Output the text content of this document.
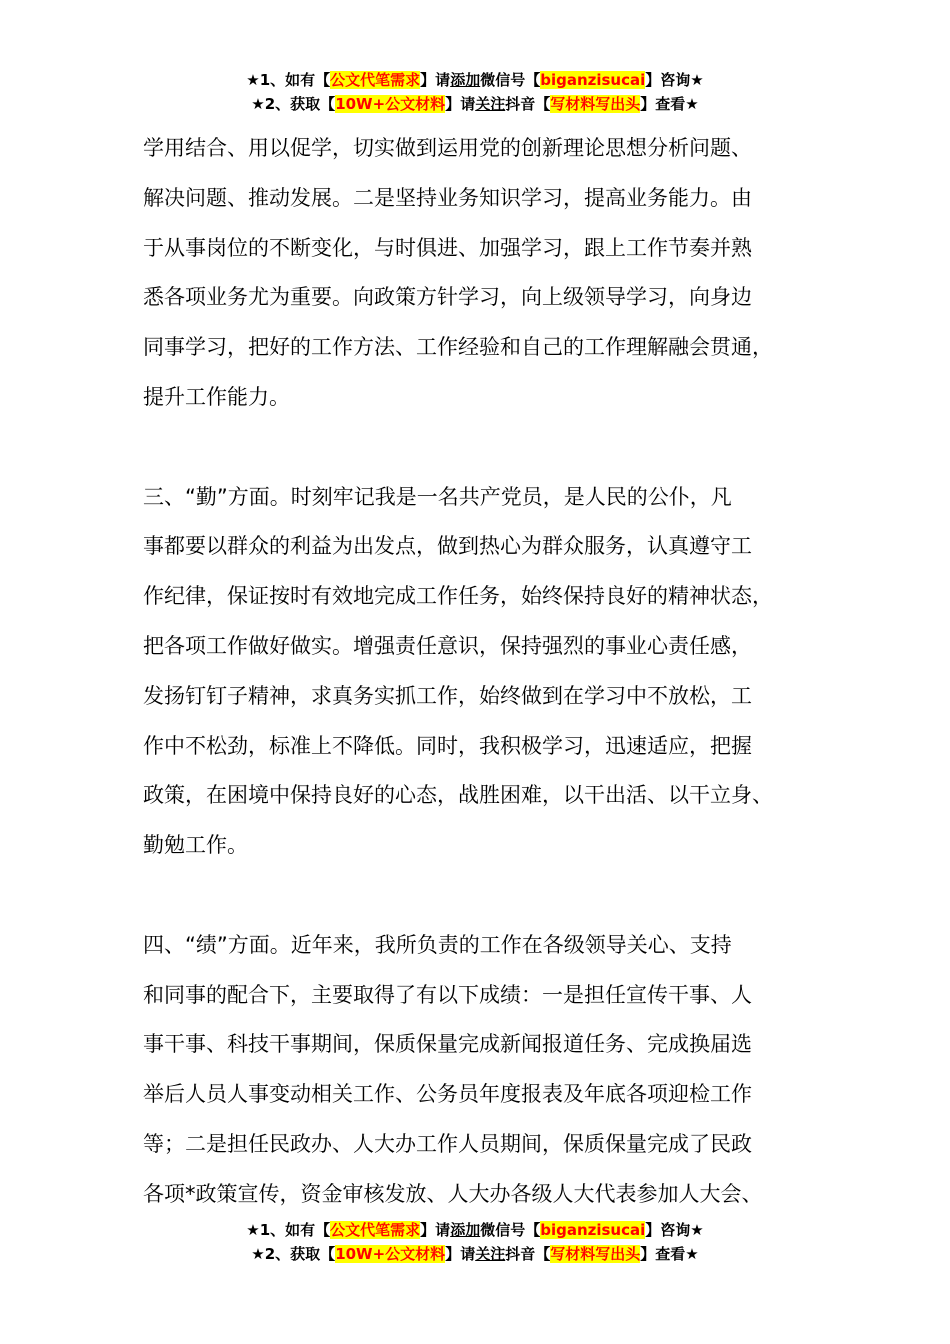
★1、如有【公文代笔需求】请添加微信号【biganzisucai】咨询★
★2、获取【10W+公文材料】请关注抖音【写材料写出头】查看★

学用结合、用以促学，切实做到运用党的创新理论思想分析问题、

解决问题、推动发展。二是坚持业务知识学习，提高业务能力。由

于从事岗位的不断变化，与时俱进、加强学习，跟上工作节奏并熟

悉各项业务尤为重要。向政策方针学习，向上级领导学习，向身边

同事学习，把好的工作方法、工作经验和自己的工作理解融会贯通，

提升工作能力。

三、“勤”方面。时刻牢记我是一名共产党员，是人民的公仆，凡

事都要以群众的利益为出发点，做到热心为群众服务，认真遵守工

作纪律，保证按时有效地完成工作任务，始终保持良好的精神状态，

把各项工作做好做实。增强责任意识，保持强烈的事业心责任感，

发扬钉钉子精神，求真务实抓工作，始终做到在学习中不放松，工

作中不松劲，标准上不降低。同时，我积极学习，迅速适应，把握

政策，在困境中保持良好的心态，战胜困难，以干出活、以干立身、

勤勉工作。

四、“绩”方面。近年来，我所负责的工作在各级领导关心、支持

和同事的配合下，主要取得了有以下成绩：一是担任宣传干事、人

事干事、科技干事期间，保质保量完成新闻报道任务、完成换届选

举后人员人事变动相关工作、公务员年度报表及年底各项迎检工作

等；二是担任民政办、人大办工作人员期间，保质保量完成了民政

各项*政策宣传，资金审核发放、人大办各级人大代表参加人大会、

★1、如有【公文代笔需求】请添加微信号【biganzisucai】咨询★
★2、获取【10W+公文材料】请关注抖音【写材料写出头】查看★
